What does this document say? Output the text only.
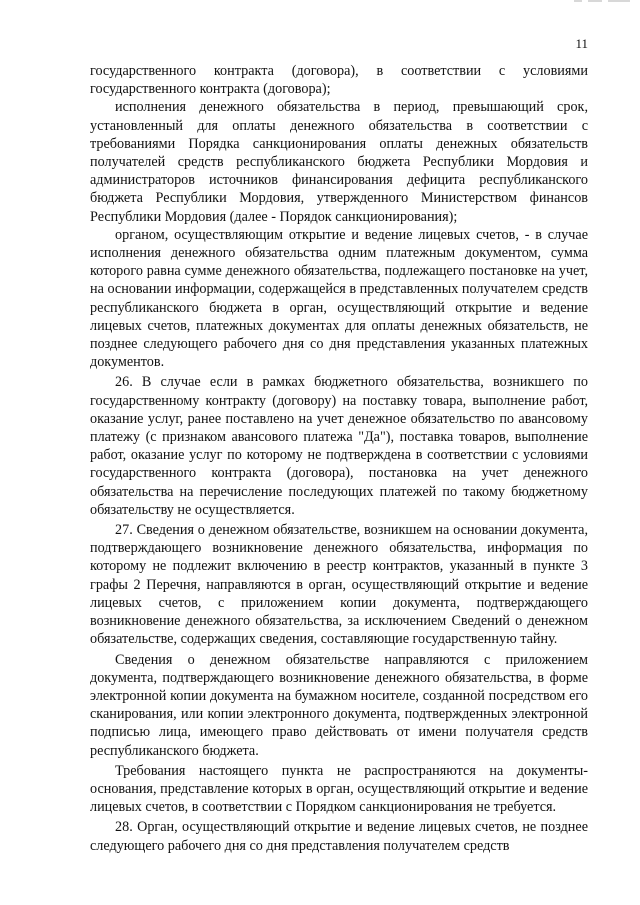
11

государственного контракта (договора), в соответствии с условиями государственного контракта (договора);

исполнения денежного обязательства в период, превышающий срок, установленный для оплаты денежного обязательства в соответствии с требованиями Порядка санкционирования оплаты денежных обязательств получателей средств республиканского бюджета Республики Мордовия и администраторов источников финансирования дефицита республиканского бюджета Республики Мордовия, утвержденного Министерством финансов Республики Мордовия (далее - Порядок санкционирования);

органом, осуществляющим открытие и ведение лицевых счетов, - в случае исполнения денежного обязательства одним платежным документом, сумма которого равна сумме денежного обязательства, подлежащего постановке на учет, на основании информации, содержащейся в представленных получателем средств республиканского бюджета в орган, осуществляющий открытие и ведение лицевых счетов, платежных документах для оплаты денежных обязательств, не позднее следующего рабочего дня со дня представления указанных платежных документов.

26. В случае если в рамках бюджетного обязательства, возникшего по государственному контракту (договору) на поставку товара, выполнение работ, оказание услуг, ранее поставлено на учет денежное обязательство по авансовому платежу (с признаком авансового платежа "Да"), поставка товаров, выполнение работ, оказание услуг по которому не подтверждена в соответствии с условиями государственного контракта (договора), постановка на учет денежного обязательства на перечисление последующих платежей по такому бюджетному обязательству не осуществляется.

27. Сведения о денежном обязательстве, возникшем на основании документа, подтверждающего возникновение денежного обязательства, информация по которому не подлежит включению в реестр контрактов, указанный в пункте 3 графы 2 Перечня, направляются в орган, осуществляющий открытие и ведение лицевых счетов, с приложением копии документа, подтверждающего возникновение денежного обязательства, за исключением Сведений о денежном обязательстве, содержащих сведения, составляющие государственную тайну.

Сведения о денежном обязательстве направляются с приложением документа, подтверждающего возникновение денежного обязательства, в форме электронной копии документа на бумажном носителе, созданной посредством его сканирования, или копии электронного документа, подтвержденных электронной подписью лица, имеющего право действовать от имени получателя средств республиканского бюджета.

Требования настоящего пункта не распространяются на документы-основания, представление которых в орган, осуществляющий открытие и ведение лицевых счетов, в соответствии с Порядком санкционирования не требуется.

28. Орган, осуществляющий открытие и ведение лицевых счетов, не позднее следующего рабочего дня со дня представления получателем средств
